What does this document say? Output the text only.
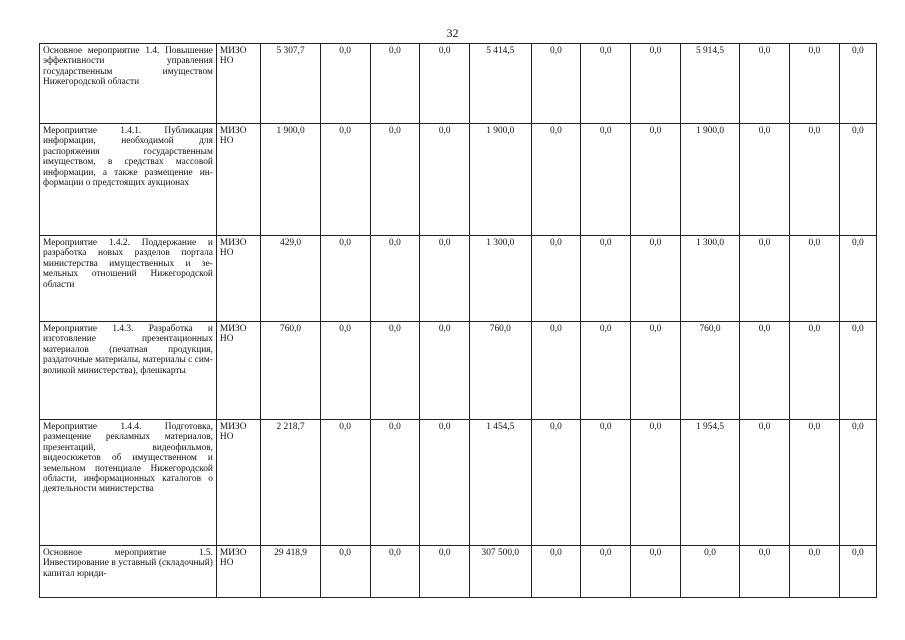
32
Основное мероприятие 1.4. Повышение эффективности управления государственным имуществом Нижегородской области	МИЗО НО	5 307,7	0,0	0,0	0,0	5 414,5	0,0	0,0	0,0	5 914,5	0,0	0,0	0,0
Мероприятие 1.4.1. Публикация информации, необходимой для распоряжения государственным имуществом, в средствах массовой информации, а также размещение информации о предстоящих аукционах	МИЗО НО	1 900,0	0,0	0,0	0,0	1 900,0	0,0	0,0	0,0	1 900,0	0,0	0,0	0,0
Мероприятие 1.4.2. Поддержание и разработка новых разделов портала министерства имущественных и земельных отношений Нижегородской области	МИЗО НО	429,0	0,0	0,0	0,0	1 300,0	0,0	0,0	0,0	1 300,0	0,0	0,0	0,0
Мероприятие 1.4.3. Разработка и изготовление презентационных материалов (печатная продукция, раздаточные материалы, материалы с символикой министерства), флешкарты	МИЗО НО	760,0	0,0	0,0	0,0	760,0	0,0	0,0	0,0	760,0	0,0	0,0	0,0
Мероприятие 1.4.4. Подготовка, размещение рекламных материалов, презентаций, видеофильмов, видеосюжетов об имущественном и земельном потенциале Нижегородской области, информационных каталогов о деятельности министерства	МИЗО НО	2 218,7	0,0	0,0	0,0	1 454,5	0,0	0,0	0,0	1 954,5	0,0	0,0	0,0
Основное мероприятие 1.5. Инвестирование в уставный (складочный) капитал юриди-	МИЗО НО	29 418,9	0,0	0,0	0,0	307 500,0	0,0	0,0	0,0	0,0	0,0	0,0	0,0
